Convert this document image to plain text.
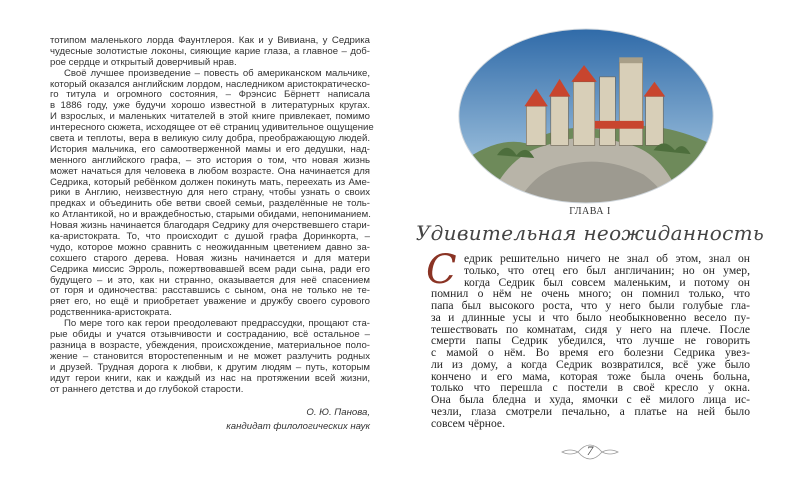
тотипом маленького лорда Фаунтлероя. Как и у Вивиана, у Седрика
чудесные золотистые локоны, сияющие карие глаза, а главное – доб-
рое сердце и открытый доверчивый нрав.
Своё лучшее произведение – повесть об американском мальчике,
который оказался английским лордом, наследником аристократическо-
го титула и огромного состояния, – Фрэнсис Бёрнетт написала
в 1886 году, уже будучи хорошо известной в литературных кругах.
И взрослых, и маленьких читателей в этой книге привлекает, помимо
интересного сюжета, исходящее от её страниц удивительное ощущение
света и теплоты, вера в великую силу добра, преображающую людей.
История мальчика, его самоотверженной мамы и его дедушки, над-
менного английского графа, – это история о том, что новая жизнь
может начаться для человека в любом возрасте. Она начинается для
Седрика, который ребёнком должен покинуть мать, переехать из Аме-
рики в Англию, неизвестную для него страну, чтобы узнать о своих
предках и объединить обе ветви своей семьи, разделённые не толь-
ко Атлантикой, но и враждебностью, старыми обидами, непониманием.
Новая жизнь начинается благодаря Седрику для очерствевшего стари-
ка-аристократа. То, что происходит с душой графа Доринкорта, –
чудо, которое можно сравнить с неожиданным цветением давно за-
сохшего старого дерева. Новая жизнь начинается и для матери
Седрика миссис Эрроль, пожертвовавшей всем ради сына, ради его
будущего – и это, как ни странно, оказывается для неё спасением
от горя и одиночества: расставшись с сыном, она не только не те-
ряет его, но ещё и приобретает уважение и дружбу своего сурового
родственника-аристократа.
По мере того как герои преодолевают предрассудки, прощают ста-
рые обиды и учатся отзывчивости и состраданию, всё остальное –
разница в возрасте, убеждения, происхождение, материальное поло-
жение – становится второстепенным и не может разлучить родных
и друзей. Трудная дорога к любви, к другим людям – путь, которым
идут герои книги, как и каждый из нас на протяжении всей жизни,
от раннего детства и до глубокой старости.
О. Ю. Панова,
кандидат филологических наук
ГЛАВА I
Удивительная неожиданность
С едрик решительно ничего не знал об этом, знал он
только, что отец его был англичанин; но он умер,
когда Седрик был совсем маленьким, и потому он
помнил о нём не очень много; он помнил только, что
папа был высокого роста, что у него были голубые гла-
за и длинные усы и что было необыкновенно весело пу-
тешествовать по комнатам, сидя у него на плече. После
смерти папы Седрик убедился, что лучше не говорить
с мамой о нём. Во время его болезни Седрика увез-
ли из дому, а когда Седрик возвратился, всё уже было
кончено и его мама, которая тоже была очень больна,
только что перешла с постели в своё кресло у окна.
Она была бледна и худа, ямочки с её милого лица ис-
чезли, глаза смотрели печально, а платье на ней было
совсем чёрное.
7
